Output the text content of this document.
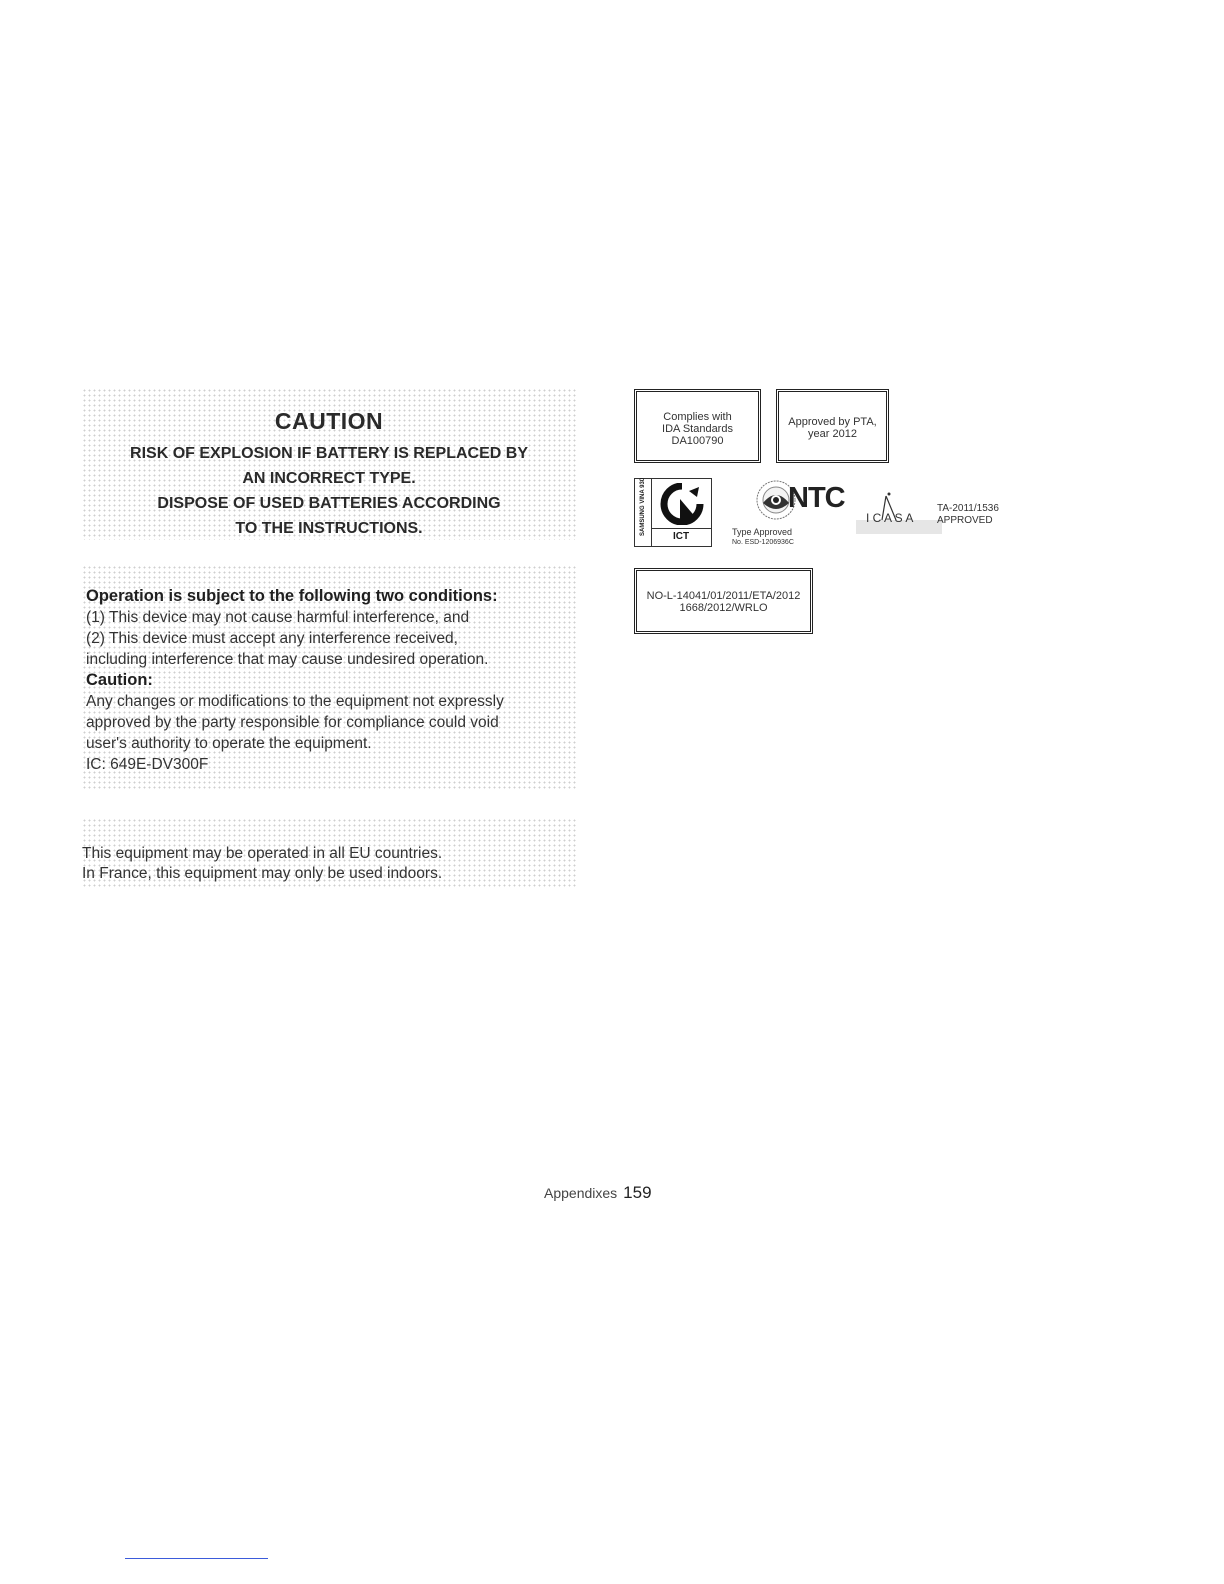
CAUTION
RISK OF EXPLOSION IF BATTERY IS REPLACED BY
AN INCORRECT TYPE.
DISPOSE OF USED BATTERIES ACCORDING
TO THE INSTRUCTIONS.
Operation is subject to the following two conditions:
(1) This device may not cause harmful interference, and
(2) This device must accept any interference received,
including interference that may cause undesired operation.
Caution:
Any changes or modifications to the equipment not expressly
approved by the party responsible for compliance could void
user's authority to operate the equipment.
IC: 649E-DV300F
This equipment may be operated in all EU countries.
In France, this equipment may only be used indoors.
Complies with
IDA Standards
DA100790
Approved by PTA,
year 2012
SAMSUNG VINA 930
ICT
NTC
Type Approved
No. ESD-1206936C
I C A S A
TA-2011/1536
APPROVED
NO-L-14041/01/2011/ETA/2012
1668/2012/WRLO
Appendixes 159
